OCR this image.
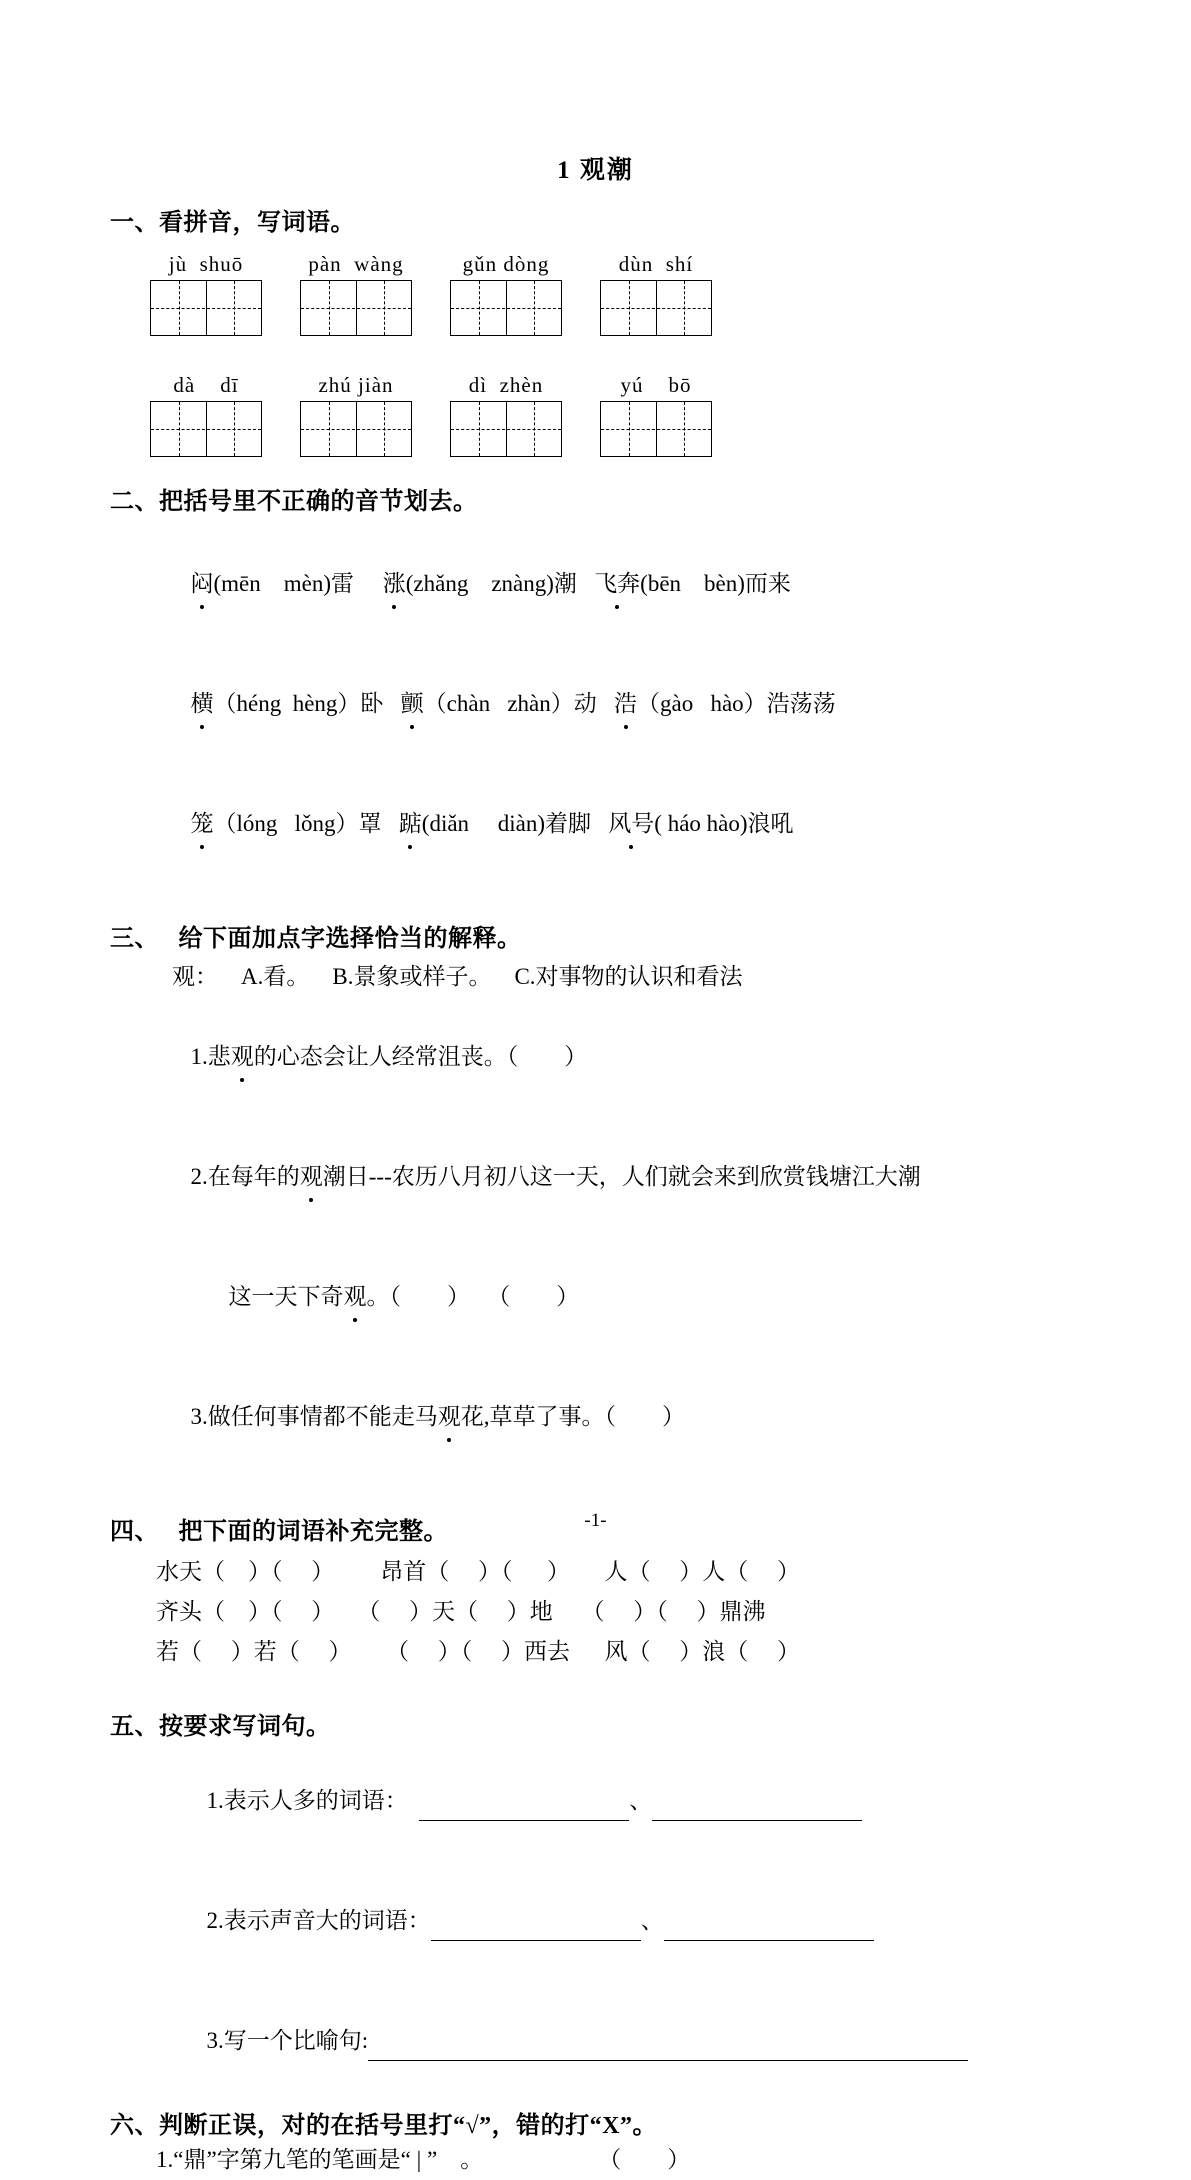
1 观潮
一、看拼音，写词语。
jù  shuō	pàn  wàng	gǔn dòng	dùn  shí
dà    dī	zhú jiàn	dì  zhèn	yú    bō
二、把括号里不正确的音节划去。

闷(mēn    mèn)雷 涨(zhǎng    znàng)潮 飞奔(bēn    bèn)而来

横（héng  hèng）卧 颤（chàn   zhàn）动 浩（gào   hào）浩荡荡

笼（lóng   lǒng）罩 踮(diǎn     diàn)着脚 风号( háo hào)浪吼

三、   给下面加点字选择恰当的解释。
观：    A.看。    B.景象或样子。    C.对事物的认识和看法

1.悲观的心态会让人经常沮丧。（        ）

2.在每年的观潮日---农历八月初八这一天，人们就会来到欣赏钱塘江大潮

这一天下奇观。（        ）   （        ）

3.做任何事情都不能走马观花,草草了事。（        ）

四、   把下面的词语补充完整。
水天（    ）（     ）        昂首（     ）（      ）      人（     ）人（     ）
齐头（    ）（     ）    （     ）天（     ）地     （     ）（     ）鼎沸
若（     ）若（     ）      （     ）（     ）西去      风（     ）浪（     ）
五、按要求写词句。

1.表示人多的词语：	、

2.表示声音大的词语：	、

3.写一个比喻句:

六、判断正误，对的在括号里打“√”，错的打“X”。
1.“鼎”字第九笔的笔画是“ | ”　。                    （        ）
-1-
